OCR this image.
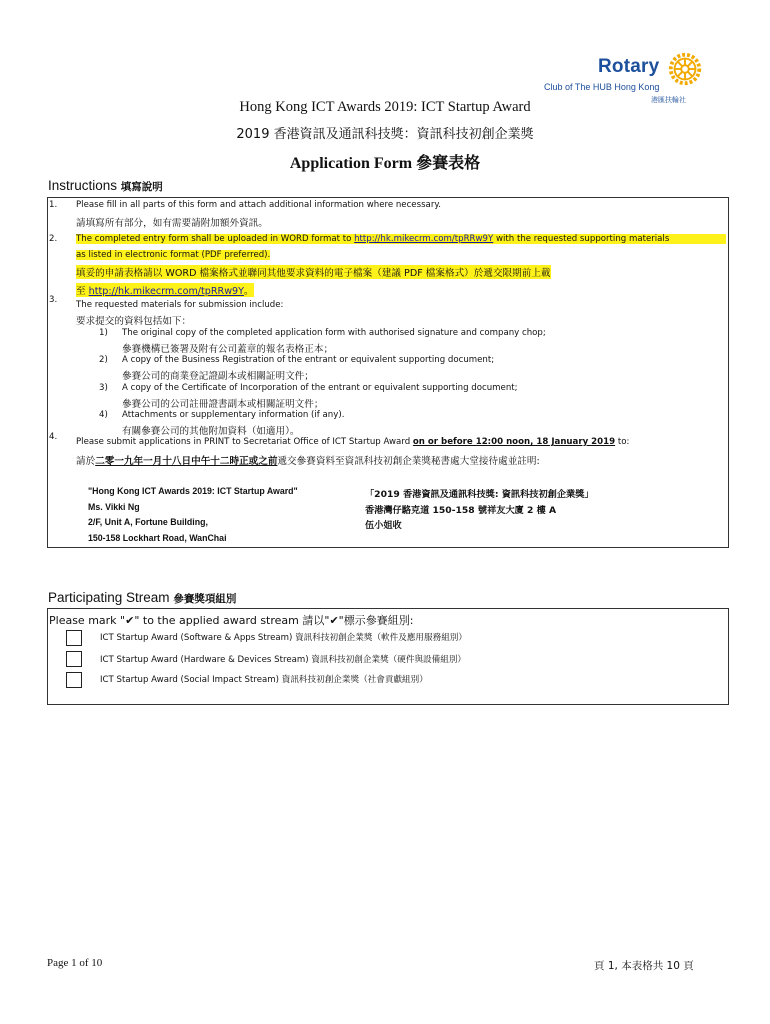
Rotary
Club of The HUB Hong Kong
港匯扶輪社
Hong Kong ICT Awards 2019: ICT Startup Award
2019 香港資訊及通訊科技獎：資訊科技初創企業獎
Application Form 參賽表格
Instructions 填寫說明
1. Please fill in all parts of this form and attach additional information where necessary.
請填寫所有部分，如有需要請附加額外資訊。
2. The completed entry form shall be uploaded in WORD format to http://hk.mikecrm.com/tpRRw9Y with the requested supporting materials
as listed in electronic format (PDF preferred).
填妥的申請表格請以 WORD 檔案格式並聯同其他要求資料的電子檔案（建議 PDF 檔案格式）於遞交限期前上載
至 http://hk.mikecrm.com/tpRRw9Y。
3. The requested materials for submission include:
要求提交的資料包括如下：
1) The original copy of the completed application form with authorised signature and company chop;
參賽機構已簽署及附有公司蓋章的報名表格正本；
2) A copy of the Business Registration of the entrant or equivalent supporting document;
參賽公司的商業登記證副本或相關証明文件；
3) A copy of the Certificate of Incorporation of the entrant or equivalent supporting document;
參賽公司的公司註冊證書副本或相關証明文件；
4) Attachments or supplementary information (if any).
有關參賽公司的其他附加資料（如適用）。
4. Please submit applications in PRINT to Secretariat Office of ICT Startup Award on or before 12:00 noon, 18 January 2019 to:
請於二零一九年一月十八日中午十二時正或之前遞交參賽資料至資訊科技初創企業獎秘書處大堂接待處並註明:
"Hong Kong ICT Awards 2019: ICT Startup Award"
Ms. Vikki Ng
2/F, Unit A, Fortune Building,
150-158 Lockhart Road, WanChai
「2019 香港資訊及通訊科技獎: 資訊科技初創企業獎」
香港灣仔駱克道 150-158 號祥友大廈 2 樓 A
伍小姐收
Participating Stream 參賽獎項組別
Please mark "✔" to the applied award stream 請以"✔"標示參賽組別:
ICT Startup Award (Software & Apps Stream) 資訊科技初創企業獎（軟件及應用服務組別）
ICT Startup Award (Hardware & Devices Stream) 資訊科技初創企業獎（硬件與設備組別）
ICT Startup Award (Social Impact Stream) 資訊科技初創企業獎（社會貢獻組別）
Page 1 of 10	頁 1, 本表格共 10 頁
